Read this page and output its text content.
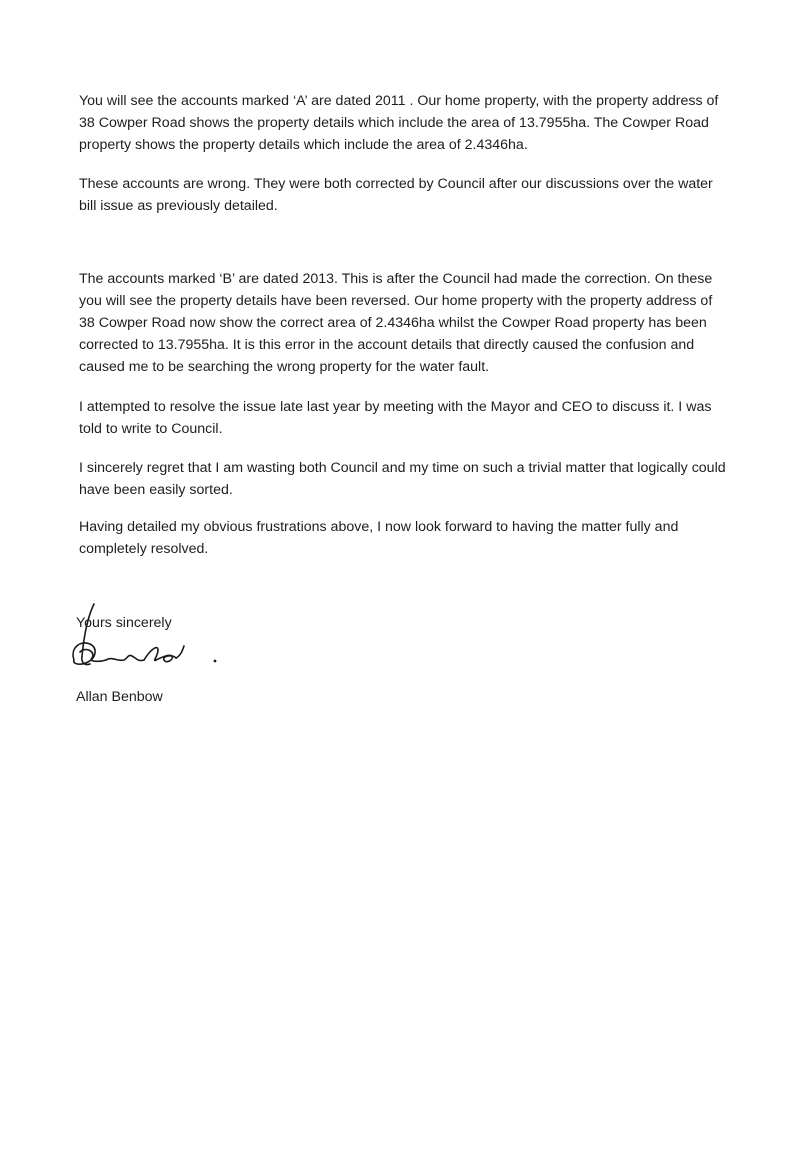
You will see the accounts marked ‘A’ are dated 2011 . Our home property, with the property address of 38 Cowper Road shows the property details which include the area of 13.7955ha. The Cowper Road property shows the property details which include the area of 2.4346ha.

These accounts are wrong. They were both corrected by Council after our discussions over the water bill issue as previously detailed.

The accounts marked ‘B’ are dated 2013. This is after the Council had made the correction. On these you will see the property details have been reversed. Our home property with the property address of 38 Cowper Road now show the correct area of 2.4346ha whilst the Cowper Road property has been corrected to 13.7955ha. It is this error in the account details that directly caused the confusion and caused me to be searching the wrong property for the water fault.

I attempted to resolve the issue late last year by meeting with the Mayor and CEO to discuss it. I was told to write to Council.

I sincerely regret that I am wasting both Council and my time on such a trivial matter that logically could have been easily sorted.

Having detailed my obvious frustrations above, I now look forward to having the matter fully and completely resolved.

Yours sincerely

Allan Benbow
